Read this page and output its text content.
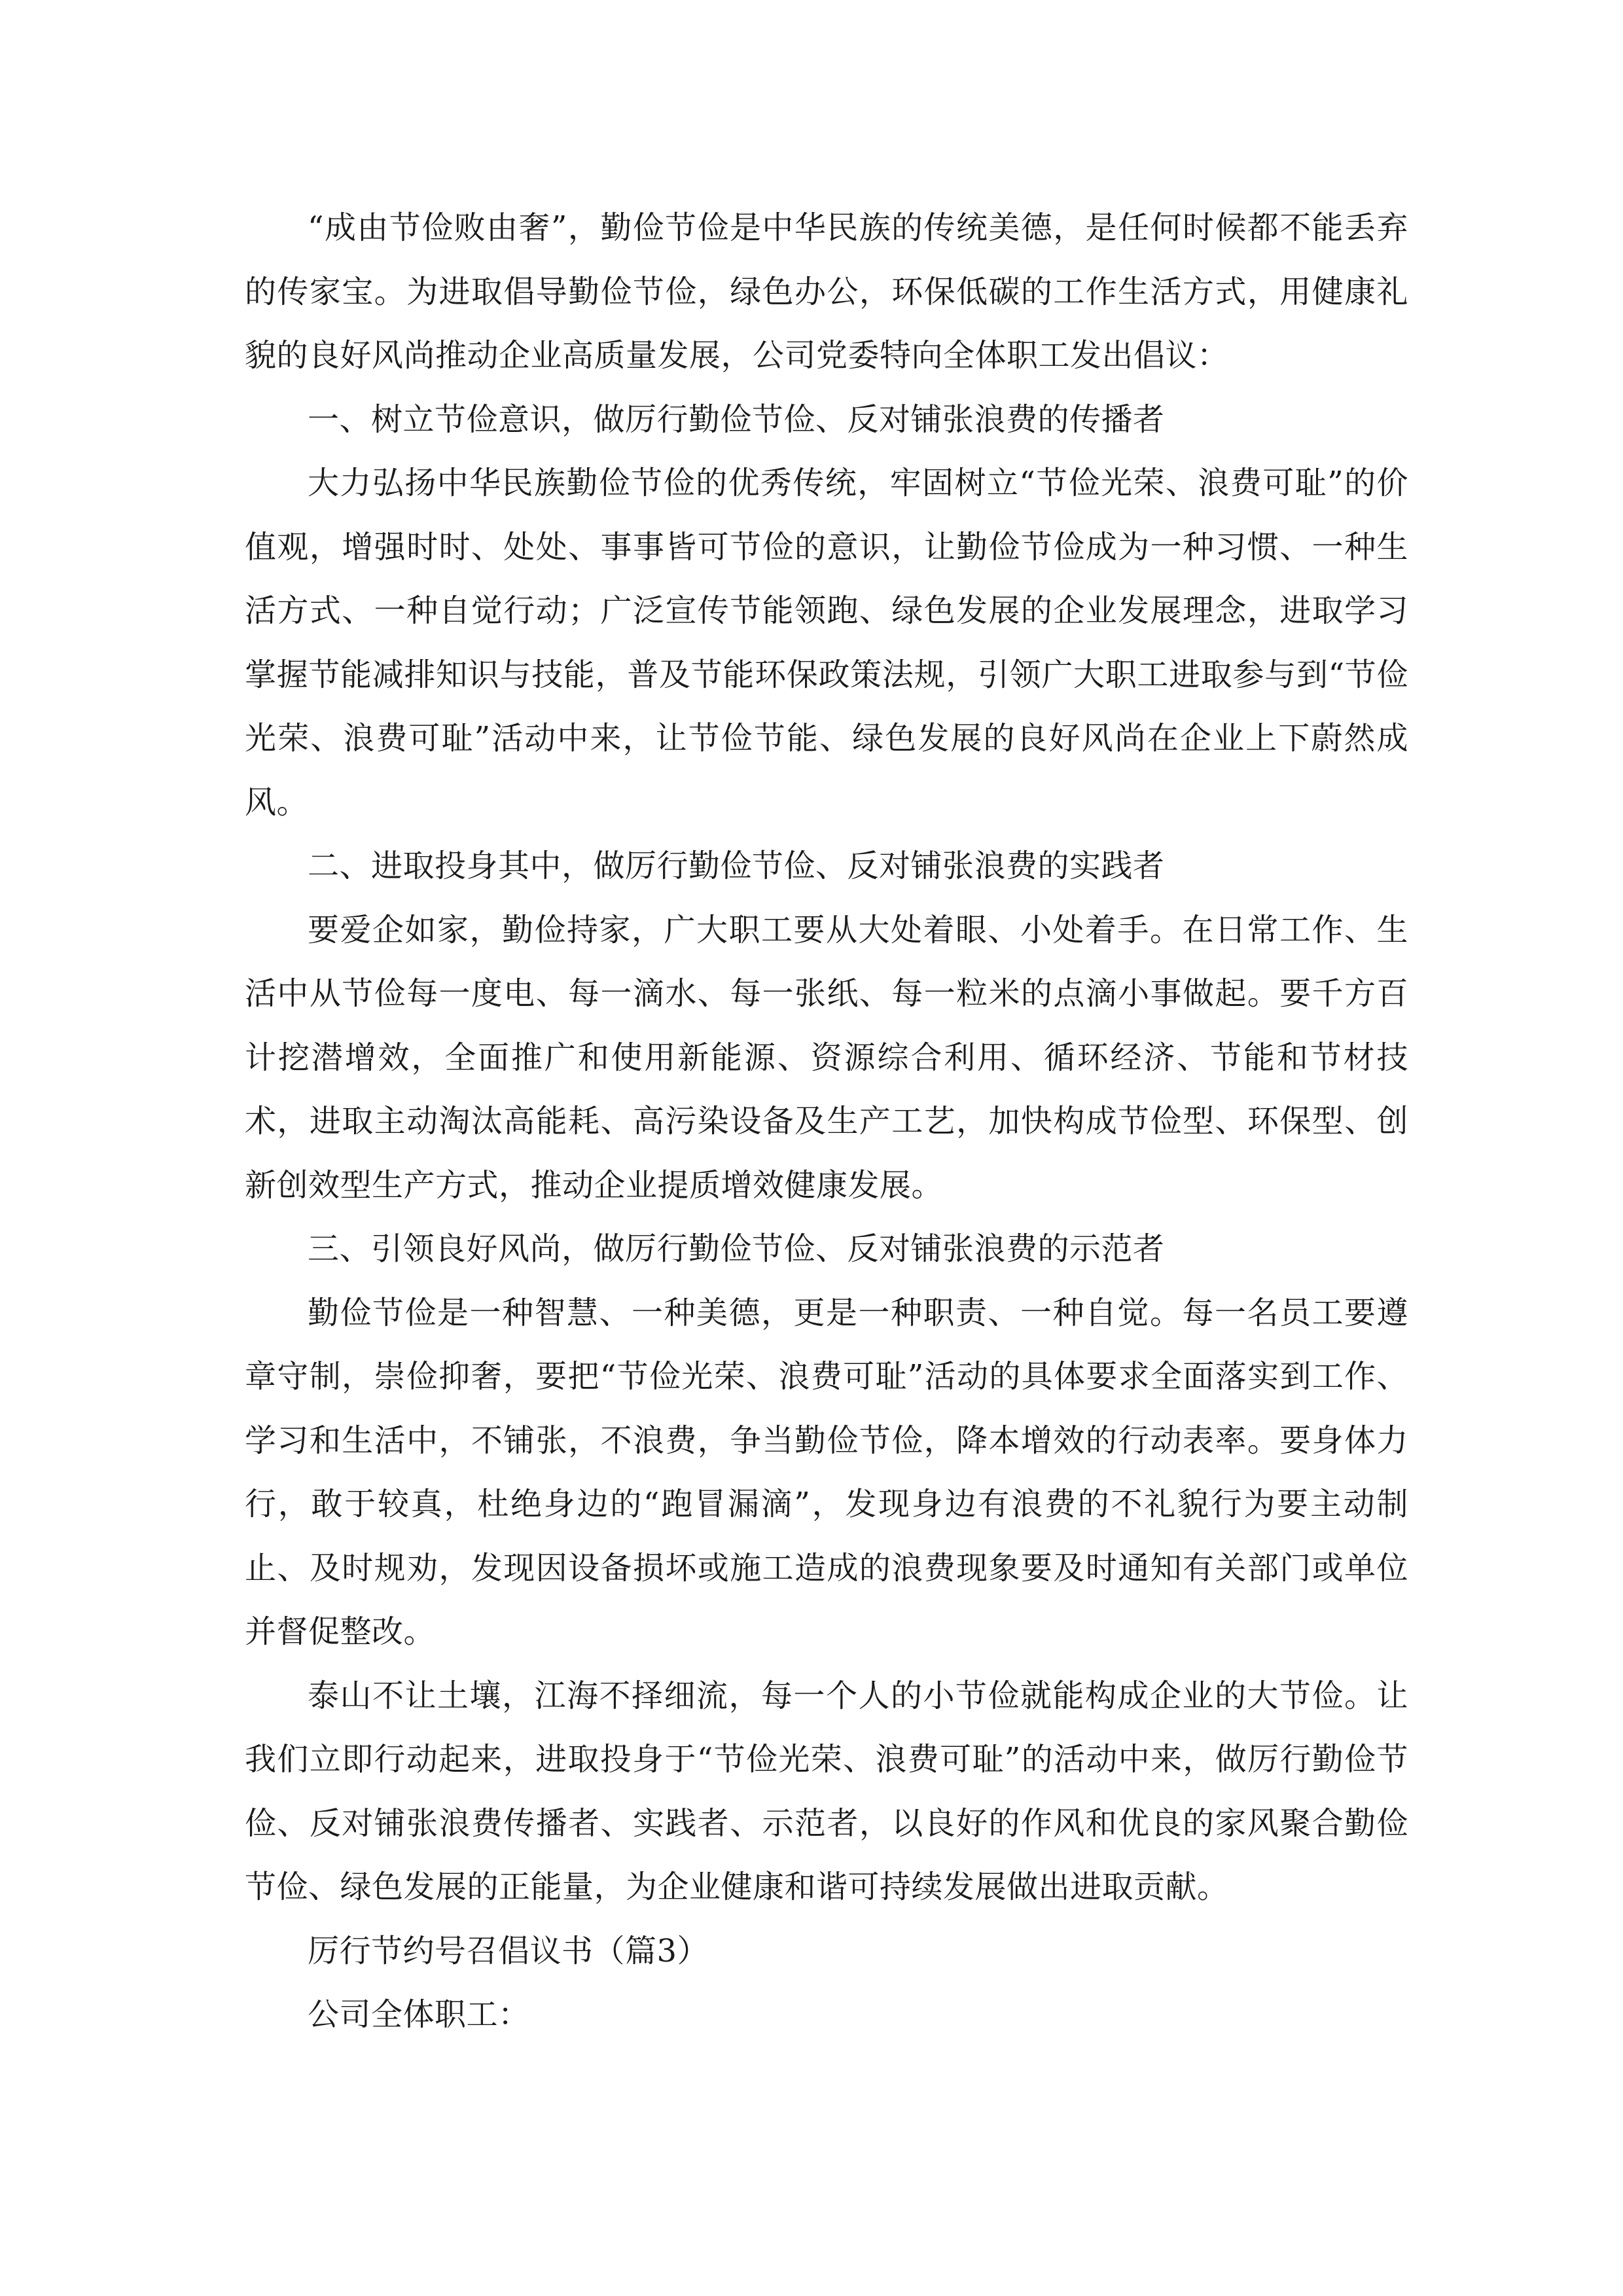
“成由节俭败由奢”，勤俭节俭是中华民族的传统美德，是任何时候都不能丢弃的传家宝。为进取倡导勤俭节俭，绿色办公，环保低碳的工作生活方式，用健康礼貌的良好风尚推动企业高质量发展，公司党委特向全体职工发出倡议：

一、树立节俭意识，做厉行勤俭节俭、反对铺张浪费的传播者

大力弘扬中华民族勤俭节俭的优秀传统，牢固树立“节俭光荣、浪费可耻”的价值观，增强时时、处处、事事皆可节俭的意识，让勤俭节俭成为一种习惯、一种生活方式、一种自觉行动；广泛宣传节能领跑、绿色发展的企业发展理念，进取学习掌握节能减排知识与技能，普及节能环保政策法规，引领广大职工进取参与到“节俭光荣、浪费可耻”活动中来，让节俭节能、绿色发展的良好风尚在企业上下蔚然成风。

二、进取投身其中，做厉行勤俭节俭、反对铺张浪费的实践者

要爱企如家，勤俭持家，广大职工要从大处着眼、小处着手。在日常工作、生活中从节俭每一度电、每一滴水、每一张纸、每一粒米的点滴小事做起。要千方百计挖潜增效，全面推广和使用新能源、资源综合利用、循环经济、节能和节材技术，进取主动淘汰高能耗、高污染设备及生产工艺，加快构成节俭型、环保型、创新创效型生产方式，推动企业提质增效健康发展。

三、引领良好风尚，做厉行勤俭节俭、反对铺张浪费的示范者

勤俭节俭是一种智慧、一种美德，更是一种职责、一种自觉。每一名员工要遵章守制，崇俭抑奢，要把“节俭光荣、浪费可耻”活动的具体要求全面落实到工作、学习和生活中，不铺张，不浪费，争当勤俭节俭，降本增效的行动表率。要身体力行，敢于较真，杜绝身边的“跑冒漏滴”，发现身边有浪费的不礼貌行为要主动制止、及时规劝，发现因设备损坏或施工造成的浪费现象要及时通知有关部门或单位并督促整改。

泰山不让土壤，江海不择细流，每一个人的小节俭就能构成企业的大节俭。让我们立即行动起来，进取投身于“节俭光荣、浪费可耻”的活动中来，做厉行勤俭节俭、反对铺张浪费传播者、实践者、示范者，以良好的作风和优良的家风聚合勤俭节俭、绿色发展的正能量，为企业健康和谐可持续发展做出进取贡献。

厉行节约号召倡议书（篇3）

公司全体职工：
